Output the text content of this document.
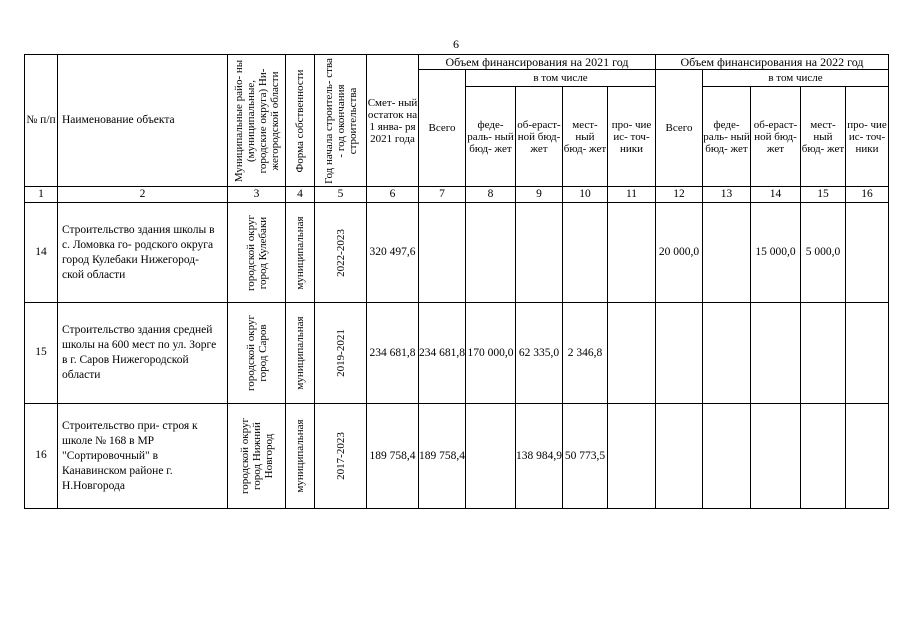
6
№ п/п	Наименование объекта	Муниципальные райо- ны (муниципальные, городские округа) Ни- жегородской области	Форма собственности	Год начала строитель- ства - год окончания строительства	Смет- ный остаток на 1 янва- ря 2021 года	Объем финансирования на 2021 год					Объем финансирования на 2022 год				
						Всего	в том числе				Всего	в том числе			
							феде- раль- ный бюд- жет	об-ераст- ной бюд- жет	мест- ный бюд- жет	про- чие ис- точ- ники		феде- раль- ный бюд- жет	об-ераст- ной бюд- жет	мест- ный бюд- жет	про- чие ис- точ- ники
1	2	3	4	5	6	7	8	9	10	11	12	13	14	15	16
14	Строительство здания школы в с. Ломовка го- родского округа город Кулебаки Нижегород- ской области	городской округ город Кулебаки	муниципальная	2022-2023	320 497,6						20 000,0		15 000,0	5 000,0	
15	Строительство здания средней школы на 600 мест по ул. Зорге в г. Саров Нижегородской области	городской округ город Саров	муниципальная	2019-2021	234 681,8	234 681,8	170 000,0	62 335,0	2 346,8						
16	Строительство при- строя к школе № 168 в МР "Сортировочный" в Канавинском районе г. Н.Новгорода	городской округ город Нижний Новгород	муниципальная	2017-2023	189 758,4	189 758,4		138 984,9	50 773,5						
